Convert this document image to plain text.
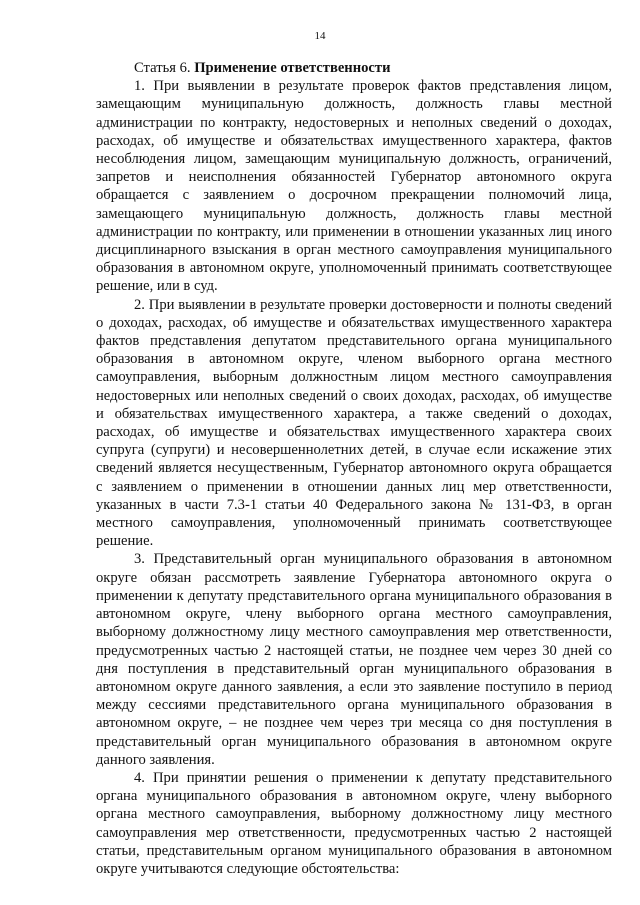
14

Статья 6. Применение ответственности

1. При выявлении в результате проверок фактов представления лицом, замещающим муниципальную должность, должность главы местной администрации по контракту, недостоверных и неполных сведений о доходах, расходах, об имуществе и обязательствах имущественного характера, фактов несоблюдения лицом, замещающим муниципальную должность, ограничений, запретов и неисполнения обязанностей Губернатор автономного округа обращается с заявлением о досрочном прекращении полномочий лица, замещающего муниципальную должность, должность главы местной администрации по контракту, или применении в отношении указанных лиц иного дисциплинарного взыскания в орган местного самоуправления муниципального образования в автономном округе, уполномоченный принимать соответствующее решение, или в суд.

2. При выявлении в результате проверки достоверности и полноты сведений о доходах, расходах, об имуществе и обязательствах имущественного характера фактов представления депутатом представительного органа муниципального образования в автономном округе, членом выборного органа местного самоуправления, выборным должностным лицом местного самоуправления недостоверных или неполных сведений о своих доходах, расходах, об имуществе и обязательствах имущественного характера, а также сведений о доходах, расходах, об имуществе и обязательствах имущественного характера своих супруга (супруги) и несовершеннолетних детей, в случае если искажение этих сведений является несущественным, Губернатор автономного округа обращается с заявлением о применении в отношении данных лиц мер ответственности, указанных в части 7.3-1 статьи 40 Федерального закона № 131-ФЗ, в орган местного самоуправления, уполномоченный принимать соответствующее решение.

3. Представительный орган муниципального образования в автономном округе обязан рассмотреть заявление Губернатора автономного округа о применении к депутату представительного органа муниципального образования в автономном округе, члену выборного органа местного самоуправления, выборному должностному лицу местного самоуправления мер ответственности, предусмотренных частью 2 настоящей статьи, не позднее чем через 30 дней со дня поступления в представительный орган муниципального образования в автономном округе данного заявления, а если это заявление поступило в период между сессиями представительного органа муниципального образования в автономном округе, – не позднее чем через три месяца со дня поступления в представительный орган муниципального образования в автономном округе данного заявления.

4. При принятии решения о применении к депутату представительного органа муниципального образования в автономном округе, члену выборного органа местного самоуправления, выборному должностному лицу местного самоуправления мер ответственности, предусмотренных частью 2 настоящей статьи, представительным органом муниципального образования в автономном округе учитываются следующие обстоятельства:
